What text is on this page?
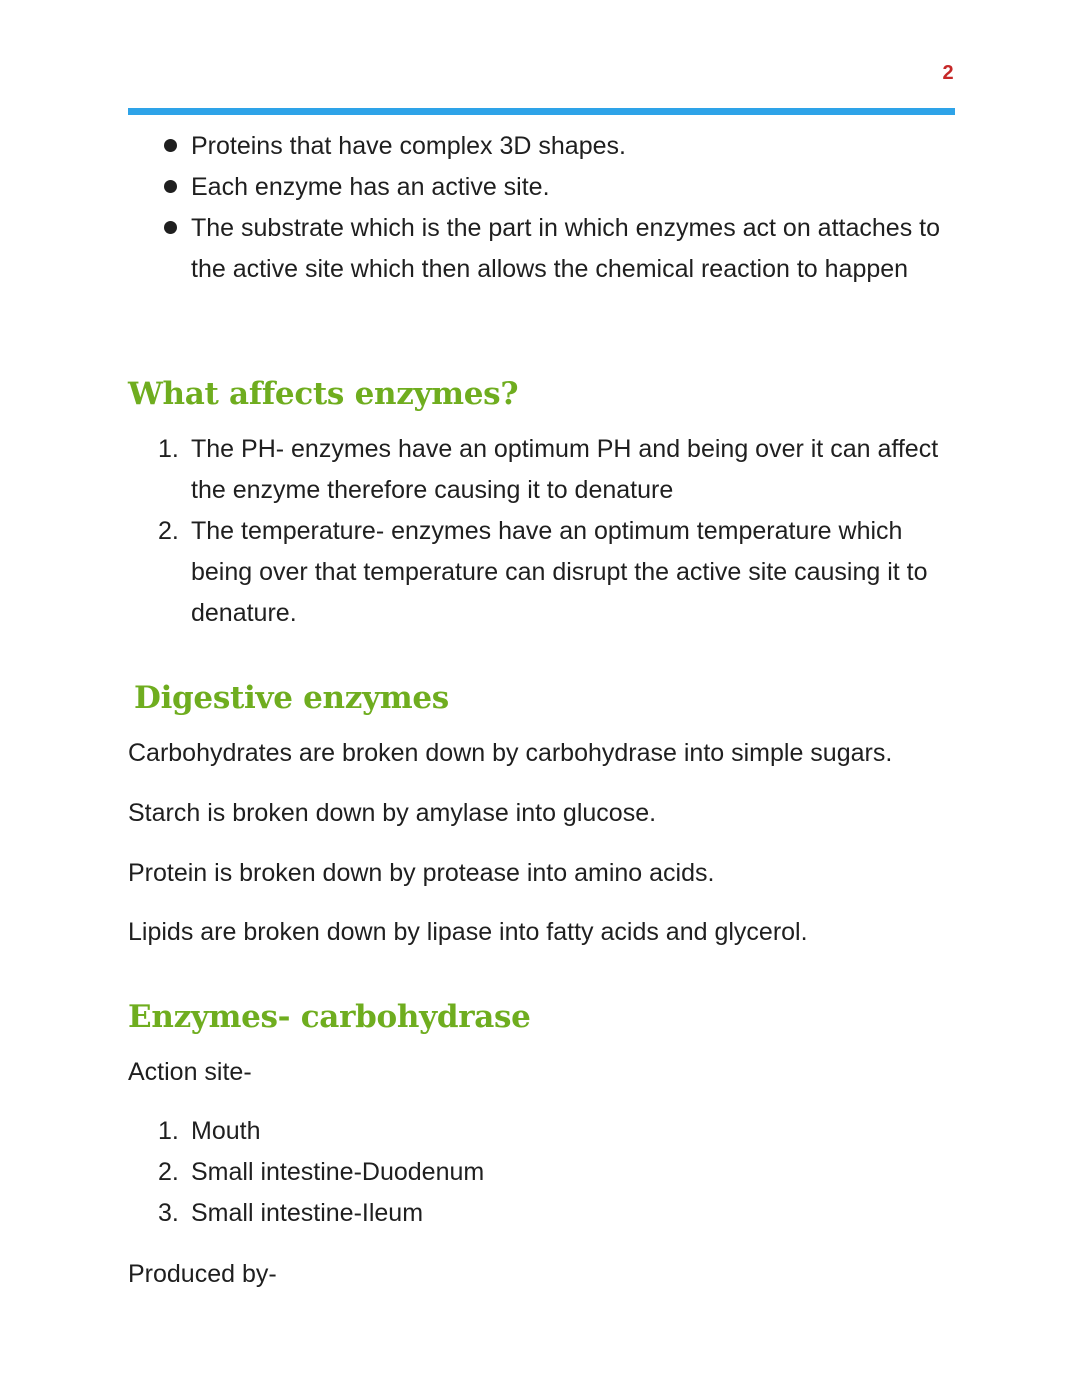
2
Proteins that have complex 3D shapes.
Each enzyme has an active site.
The substrate which is the part in which enzymes act on attaches to the active site which then allows the chemical reaction to happen
What affects enzymes?
1. The PH- enzymes have an optimum PH and being over it can affect the enzyme therefore causing it to denature
2. The temperature- enzymes have an optimum temperature which being over that temperature can disrupt the active site causing it to denature.
Digestive enzymes

Carbohydrates are broken down by carbohydrase into simple sugars.

Starch is broken down by amylase into glucose.

Protein is broken down by protease into amino acids.

Lipids are broken down by lipase into fatty acids and glycerol.

Enzymes- carbohydrase

Action site-

1. Mouth
2. Small intestine-Duodenum
3. Small intestine-Ileum

Produced by-
